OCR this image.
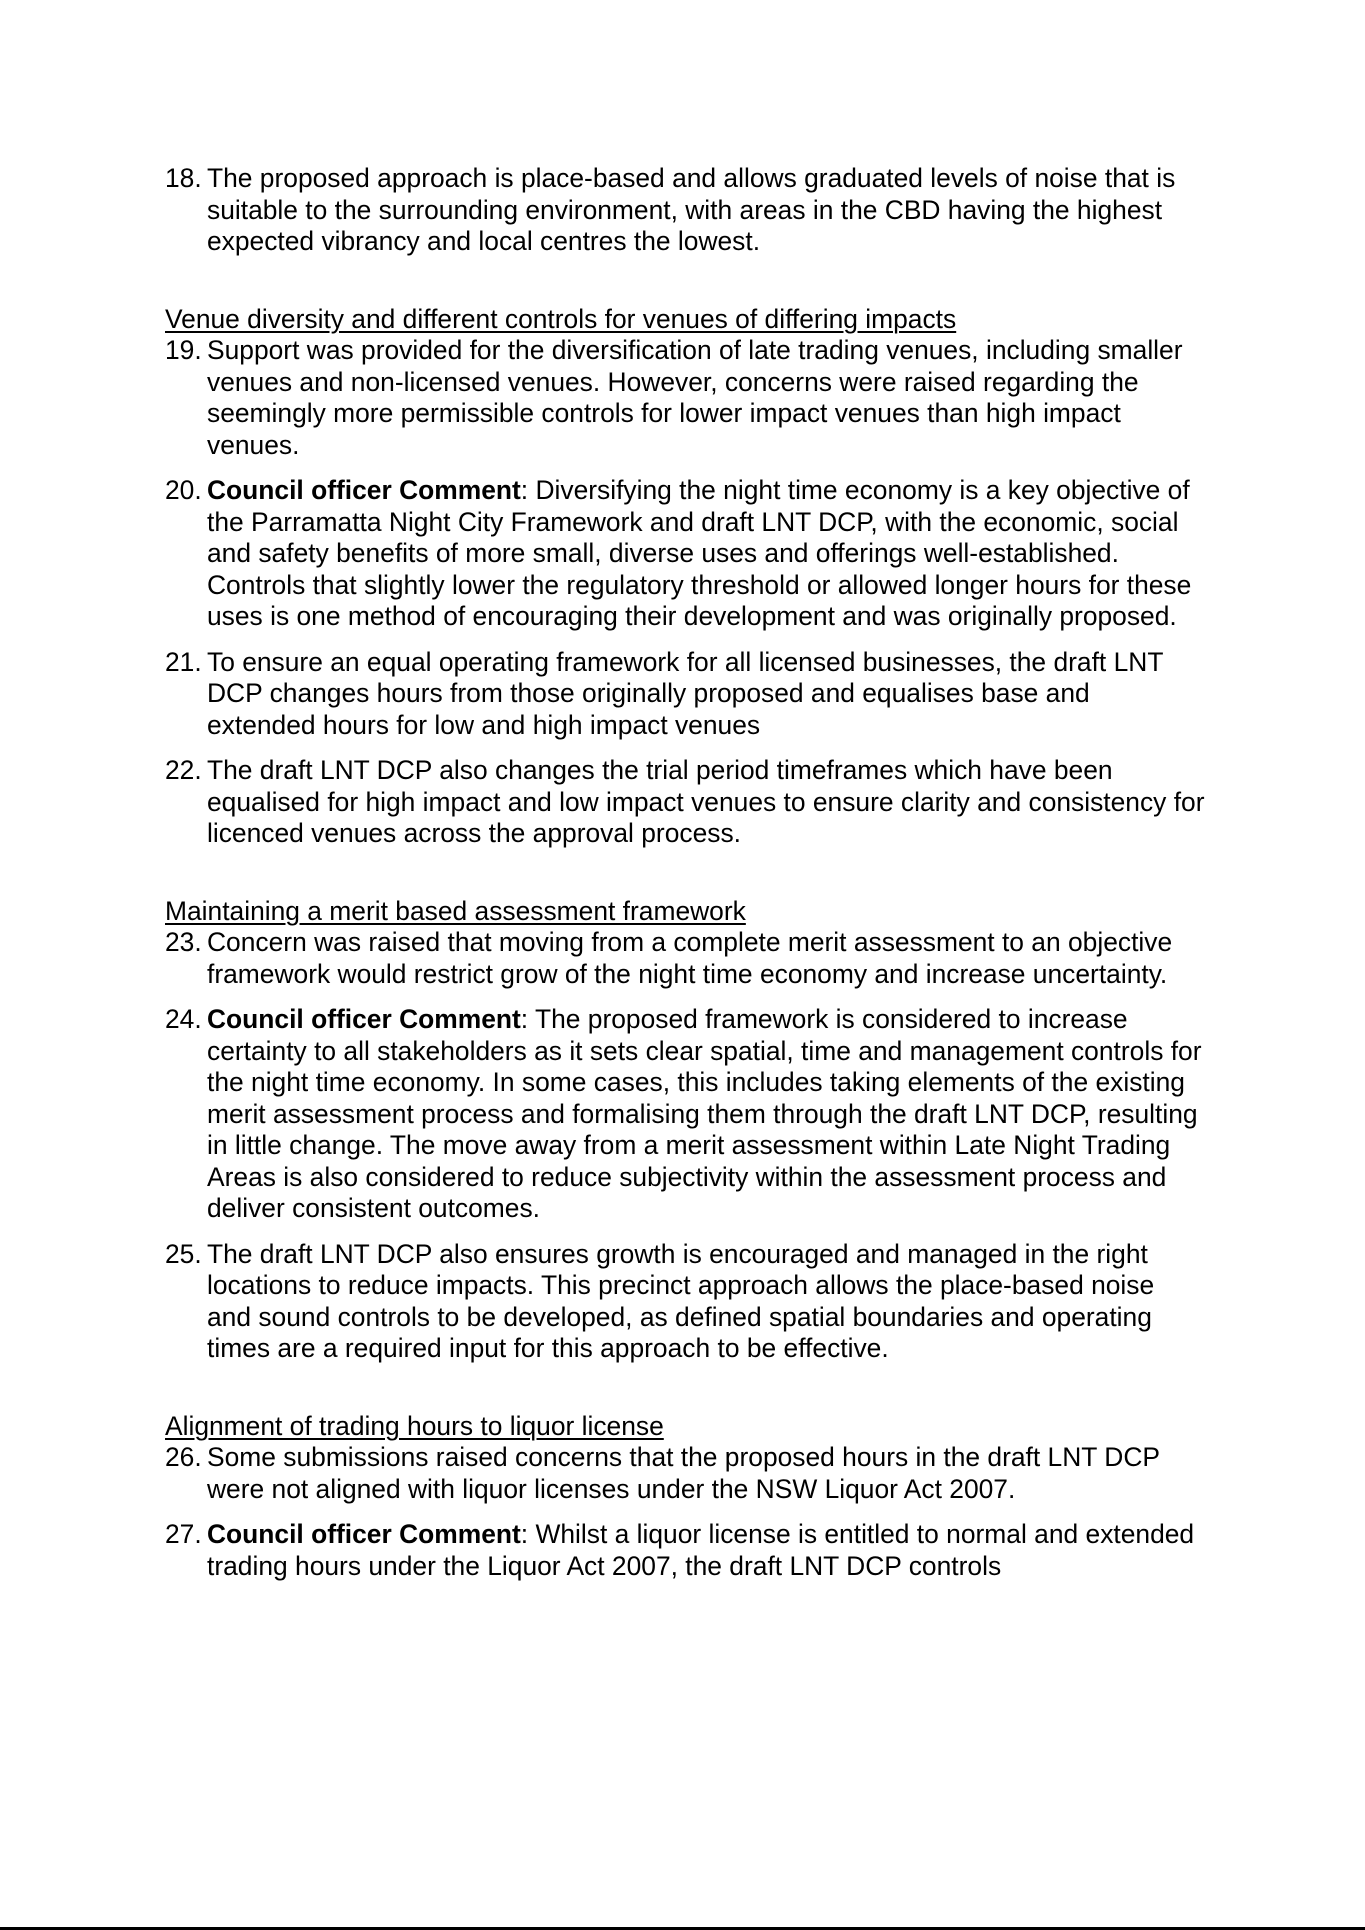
18. The proposed approach is place-based and allows graduated levels of noise that is suitable to the surrounding environment, with areas in the CBD having the highest expected vibrancy and local centres the lowest.
Venue diversity and different controls for venues of differing impacts
19. Support was provided for the diversification of late trading venues, including smaller venues and non-licensed venues. However, concerns were raised regarding the seemingly more permissible controls for lower impact venues than high impact venues.
20. Council officer Comment: Diversifying the night time economy is a key objective of the Parramatta Night City Framework and draft LNT DCP, with the economic, social and safety benefits of more small, diverse uses and offerings well-established. Controls that slightly lower the regulatory threshold or allowed longer hours for these uses is one method of encouraging their development and was originally proposed.
21. To ensure an equal operating framework for all licensed businesses, the draft LNT DCP changes hours from those originally proposed and equalises base and extended hours for low and high impact venues
22. The draft LNT DCP also changes the trial period timeframes which have been equalised for high impact and low impact venues to ensure clarity and consistency for licenced venues across the approval process.
Maintaining a merit based assessment framework
23. Concern was raised that moving from a complete merit assessment to an objective framework would restrict grow of the night time economy and increase uncertainty.
24. Council officer Comment: The proposed framework is considered to increase certainty to all stakeholders as it sets clear spatial, time and management controls for the night time economy. In some cases, this includes taking elements of the existing merit assessment process and formalising them through the draft LNT DCP, resulting in little change. The move away from a merit assessment within Late Night Trading Areas is also considered to reduce subjectivity within the assessment process and deliver consistent outcomes.
25. The draft LNT DCP also ensures growth is encouraged and managed in the right locations to reduce impacts. This precinct approach allows the place-based noise and sound controls to be developed, as defined spatial boundaries and operating times are a required input for this approach to be effective.
Alignment of trading hours to liquor license
26. Some submissions raised concerns that the proposed hours in the draft LNT DCP were not aligned with liquor licenses under the NSW Liquor Act 2007.
27. Council officer Comment: Whilst a liquor license is entitled to normal and extended trading hours under the Liquor Act 2007, the draft LNT DCP controls
